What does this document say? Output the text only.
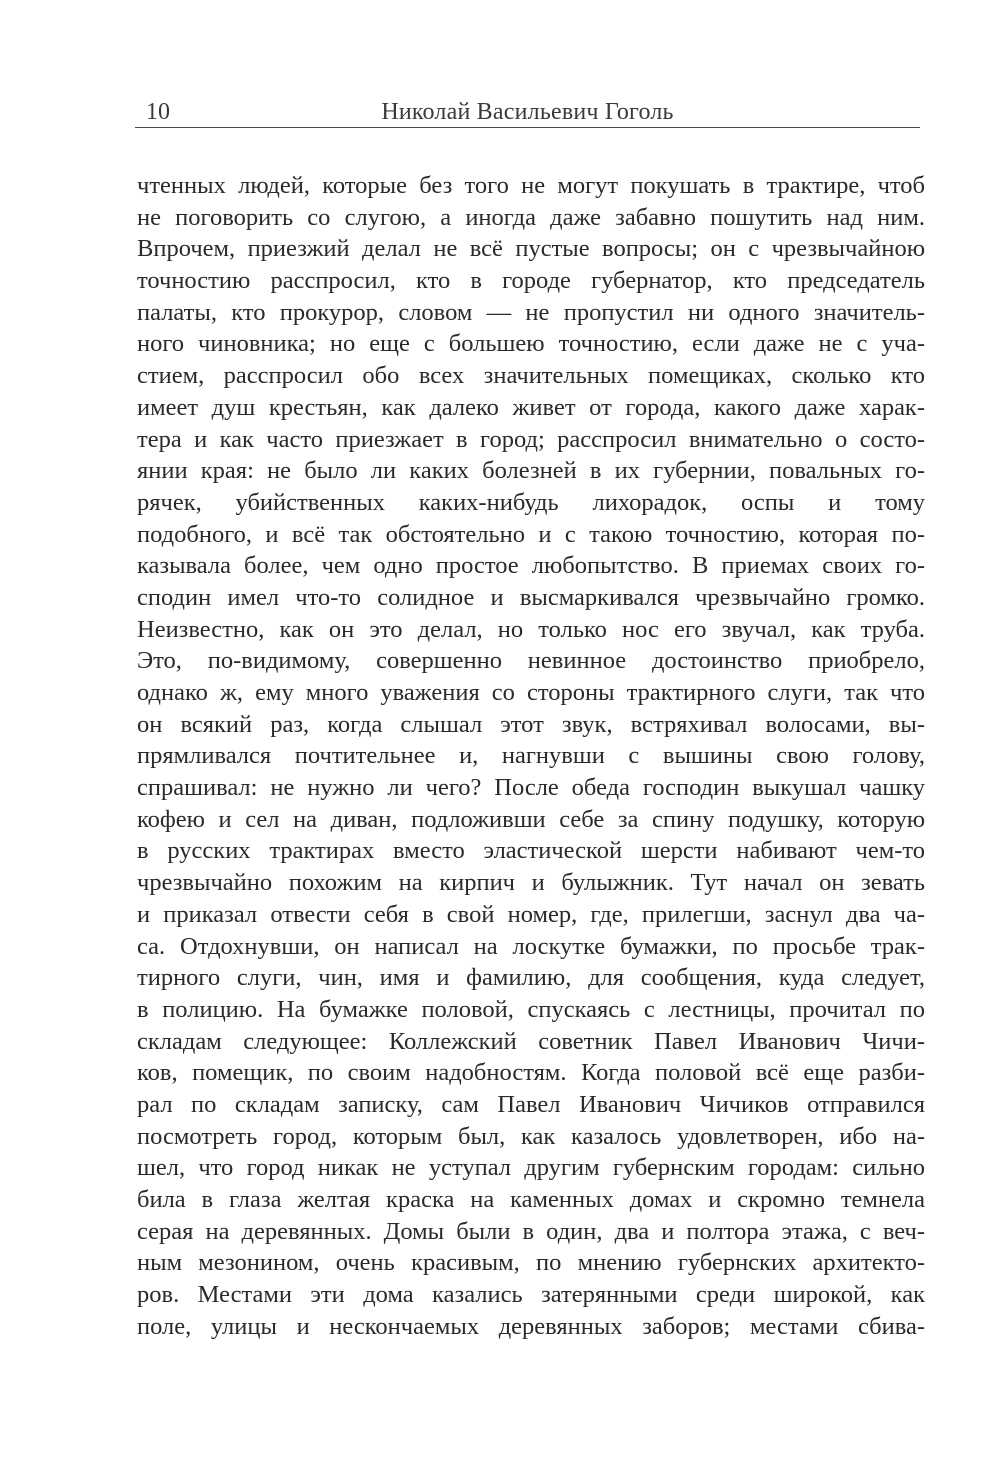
10	Николай Васильевич Гоголь
чтенных людей, которые без того не могут покушать в трактире, чтоб
не поговорить со слугою, а иногда даже забавно пошутить над ним.
Впрочем, приезжий делал не всё пустые вопросы; он с чрезвычайною
точностию расспросил, кто в городе губернатор, кто председатель
палаты, кто прокурор, словом — не пропустил ни одного значитель-
ного чиновника; но еще с большею точностию, если даже не с уча-
стием, расспросил обо всех значительных помещиках, сколько кто
имеет душ крестьян, как далеко живет от города, какого даже харак-
тера и как часто приезжает в город; расспросил внимательно о состо-
янии края: не было ли каких болезней в их губернии, повальных го-
рячек, убийственных каких-нибудь лихорадок, оспы и тому
подобного, и всё так обстоятельно и с такою точностию, которая по-
казывала более, чем одно простое любопытство. В приемах своих го-
сподин имел что-то солидное и высмаркивался чрезвычайно громко.
Неизвестно, как он это делал, но только нос его звучал, как труба.
Это, по-видимому, совершенно невинное достоинство приобрело,
однако ж, ему много уважения со стороны трактирного слуги, так что
он всякий раз, когда слышал этот звук, встряхивал волосами, вы-
прямливался почтительнее и, нагнувши с вышины свою голову,
спрашивал: не нужно ли чего? После обеда господин выкушал чашку
кофею и сел на диван, подложивши себе за спину подушку, которую
в русских трактирах вместо эластической шерсти набивают чем-то
чрезвычайно похожим на кирпич и булыжник. Тут начал он зевать
и приказал отвести себя в свой номер, где, прилегши, заснул два ча-
са. Отдохнувши, он написал на лоскутке бумажки, по просьбе трак-
тирного слуги, чин, имя и фамилию, для сообщения, куда следует,
в полицию. На бумажке половой, спускаясь с лестницы, прочитал по
складам следующее: Коллежский советник Павел Иванович Чичи-
ков, помещик, по своим надобностям. Когда половой всё еще разби-
рал по складам записку, сам Павел Иванович Чичиков отправился
посмотреть город, которым был, как казалось удовлетворен, ибо на-
шел, что город никак не уступал другим губернским городам: сильно
била в глаза желтая краска на каменных домах и скромно темнела
серая на деревянных. Домы были в один, два и полтора этажа, с веч-
ным мезонином, очень красивым, по мнению губернских архитекто-
ров. Местами эти дома казались затерянными среди широкой, как
поле, улицы и нескончаемых деревянных заборов; местами сбива-
